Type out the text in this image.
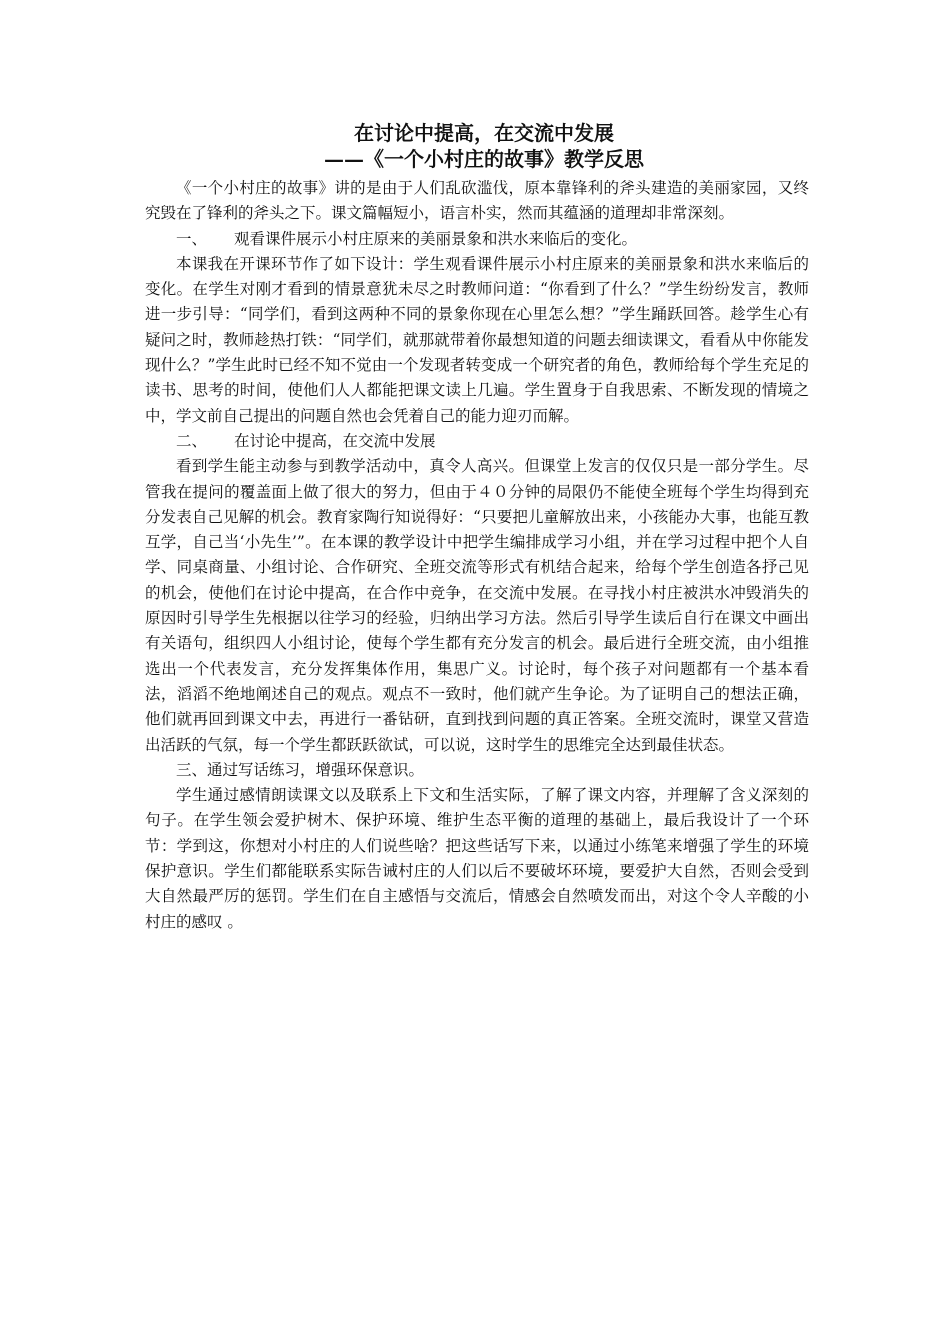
在讨论中提高，在交流中发展
——《一个小村庄的故事》教学反思

《一个小村庄的故事》讲的是由于人们乱砍滥伐，原本靠锋利的斧头建造的美丽家园，又终究毁在了锋利的斧头之下。课文篇幅短小，语言朴实，然而其蕴涵的道理却非常深刻。

一、 观看课件展示小村庄原来的美丽景象和洪水来临后的变化。

本课我在开课环节作了如下设计：学生观看课件展示小村庄原来的美丽景象和洪水来临后的变化。在学生对刚才看到的情景意犹未尽之时教师问道：“你看到了什么？”学生纷纷发言，教师进一步引导：“同学们，看到这两种不同的景象你现在心里怎么想？”学生踊跃回答。趁学生心有疑问之时，教师趁热打铁：“同学们，就那就带着你最想知道的问题去细读课文，看看从中你能发现什么？”学生此时已经不知不觉由一个发现者转变成一个研究者的角色，教师给每个学生充足的读书、思考的时间，使他们人人都能把课文读上几遍。学生置身于自我思索、不断发现的情境之中，学文前自己提出的问题自然也会凭着自己的能力迎刃而解。

二、 在讨论中提高，在交流中发展

看到学生能主动参与到教学活动中，真令人高兴。但课堂上发言的仅仅只是一部分学生。尽管我在提问的覆盖面上做了很大的努力，但由于４０分钟的局限仍不能使全班每个学生均得到充分发表自己见解的机会。教育家陶行知说得好：“只要把儿童解放出来，小孩能办大事，也能互教互学，自己当‘小先生’”。在本课的教学设计中把学生编排成学习小组，并在学习过程中把个人自学、同桌商量、小组讨论、合作研究、全班交流等形式有机结合起来，给每个学生创造各抒己见的机会，使他们在讨论中提高，在合作中竞争，在交流中发展。在寻找小村庄被洪水冲毁消失的原因时引导学生先根据以往学习的经验，归纳出学习方法。然后引导学生读后自行在课文中画出有关语句，组织四人小组讨论，使每个学生都有充分发言的机会。最后进行全班交流，由小组推选出一个代表发言，充分发挥集体作用，集思广义。讨论时，每个孩子对问题都有一个基本看法，滔滔不绝地阐述自己的观点。观点不一致时，他们就产生争论。为了证明自己的想法正确，他们就再回到课文中去，再进行一番钻研，直到找到问题的真正答案。全班交流时，课堂又营造出活跃的气氛，每一个学生都跃跃欲试，可以说，这时学生的思维完全达到最佳状态。

三、通过写话练习，增强环保意识。

学生通过感情朗读课文以及联系上下文和生活实际，了解了课文内容，并理解了含义深刻的句子。在学生领会爱护树木、保护环境、维护生态平衡的道理的基础上，最后我设计了一个环节：学到这，你想对小村庄的人们说些啥？把这些话写下来，以通过小练笔来增强了学生的环境保护意识。学生们都能联系实际告诫村庄的人们以后不要破坏环境，要爱护大自然，否则会受到大自然最严厉的惩罚。学生们在自主感悟与交流后，情感会自然喷发而出，对这个令人辛酸的小村庄的感叹 。
